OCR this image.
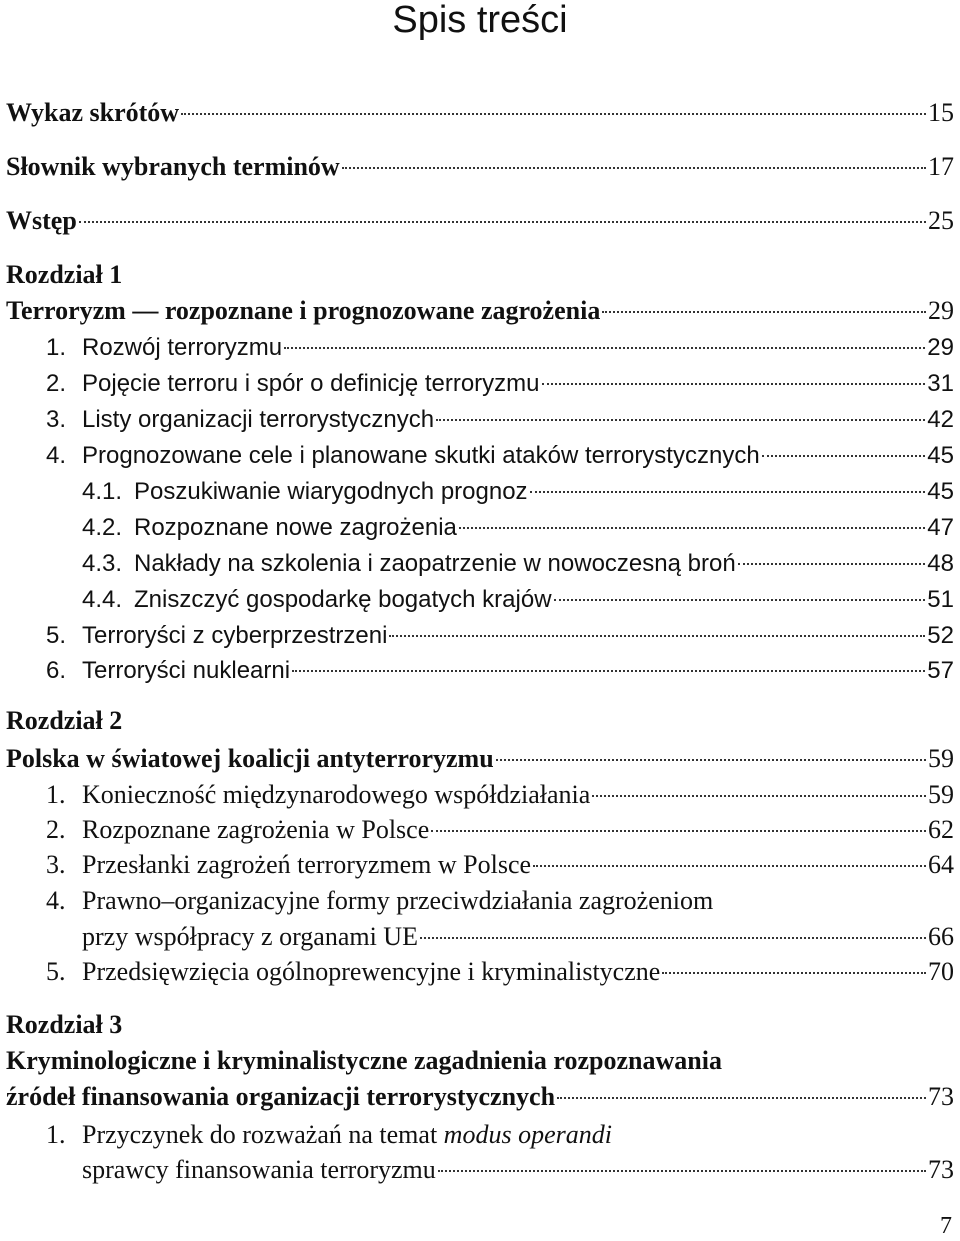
Spis treści
Wykaz skrótów	15
Słownik wybranych terminów	17
Wstęp	25
Rozdział 1
Terroryzm — rozpoznane i prognozowane zagrożenia	29
1. Rozwój terroryzmu	29
2. Pojęcie terroru i spór o definicję terroryzmu	31
3. Listy organizacji terrorystycznych	42
4. Prognozowane cele i planowane skutki ataków terrorystycznych	45
4.1. Poszukiwanie wiarygodnych prognoz	45
4.2. Rozpoznane nowe zagrożenia	47
4.3. Nakłady na szkolenia i zaopatrzenie w nowoczesną broń	48
4.4. Zniszczyć gospodarkę bogatych krajów	51
5. Terroryści z cyberprzestrzeni	52
6. Terroryści nuklearni	57
Rozdział 2
Polska w światowej koalicji antyterroryzmu	59
1. Konieczność międzynarodowego współdziałania	59
2. Rozpoznane zagrożenia w Polsce	62
3. Przesłanki zagrożeń terroryzmem w Polsce	64
4. Prawno–organizacyjne formy przeciwdziałania zagrożeniom
przy współpracy z organami UE	66
5. Przedsięwzięcia ogólnoprewencyjne i kryminalistyczne	70
Rozdział 3
Kryminologiczne i kryminalistyczne zagadnienia rozpoznawania
źródeł finansowania organizacji terrorystycznych	73
1. Przyczynek do rozważań na temat modus operandi
sprawcy finansowania terroryzmu	73
7
